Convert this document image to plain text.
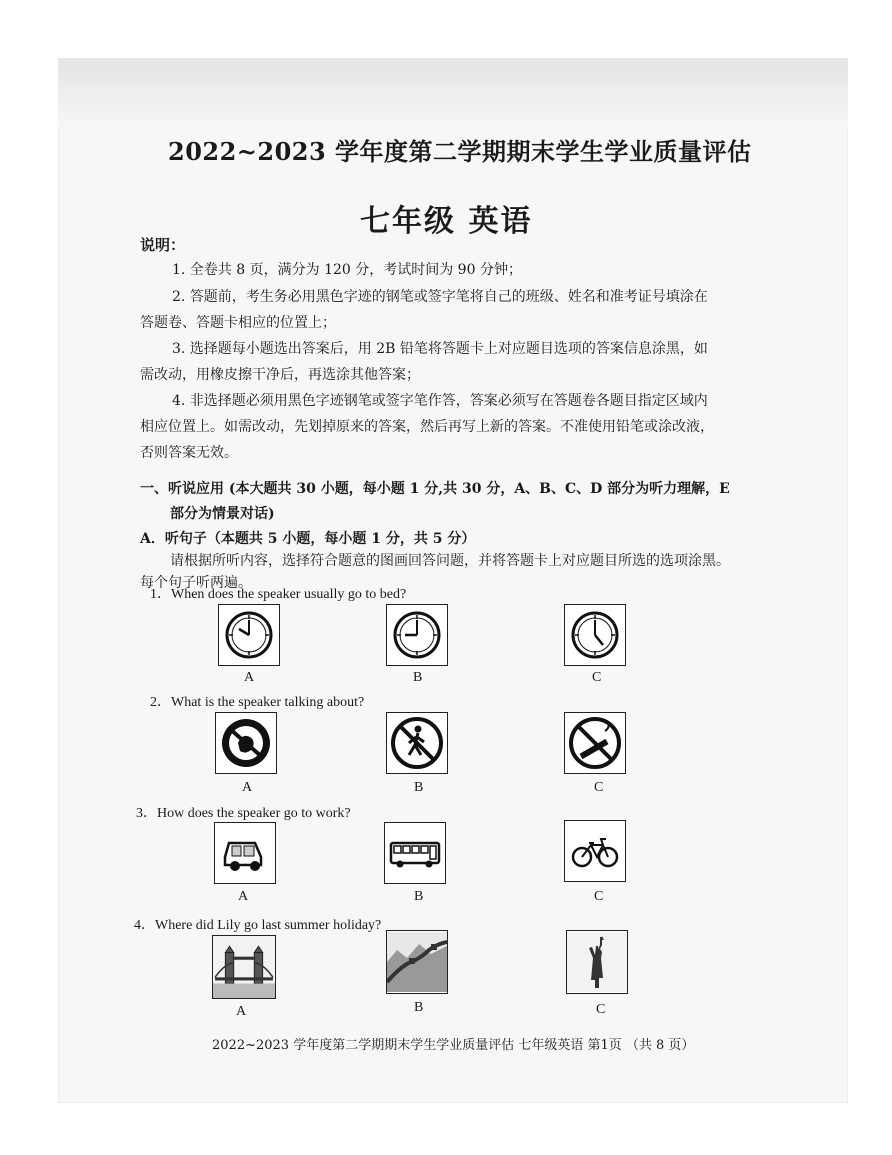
2022~2023 学年度第二学期期末学生学业质量评估
七年级 英语
说明：
1. 全卷共 8 页，满分为 120 分，考试时间为 90 分钟；
2. 答题前，考生务必用黑色字迹的钢笔或签字笔将自己的班级、姓名和准考证号填涂在
答题卷、答题卡相应的位置上；
3. 选择题每小题选出答案后，用 2B 铅笔将答题卡上对应题目选项的答案信息涂黑，如
需改动，用橡皮擦干净后，再选涂其他答案；
4. 非选择题必须用黑色字迹钢笔或签字笔作答，答案必须写在答题卷各题目指定区域内
相应位置上。如需改动，先划掉原来的答案，然后再写上新的答案。不准使用铅笔或涂改液，
否则答案无效。
一、听说应用 (本大题共 30 小题，每小题 1 分,共 30 分，A、B、C、D 部分为听力理解，E
部分为情景对话)
A．听句子（本题共 5 小题，每小题 1 分，共 5 分）
请根据所听内容，选择符合题意的图画回答问题，并将答题卡上对应题目所选的选项涂黑。
每个句子听两遍。
1．When does the speaker usually go to bed?
A	B	C
2．What is the speaker talking about?
A	B	C
3．How does the speaker go to work?
A	B	C
4．Where did Lily go last summer holiday?
A	B	C
2022~2023 学年度第二学期期末学生学业质量评估 七年级英语 第1页 （共 8 页）
